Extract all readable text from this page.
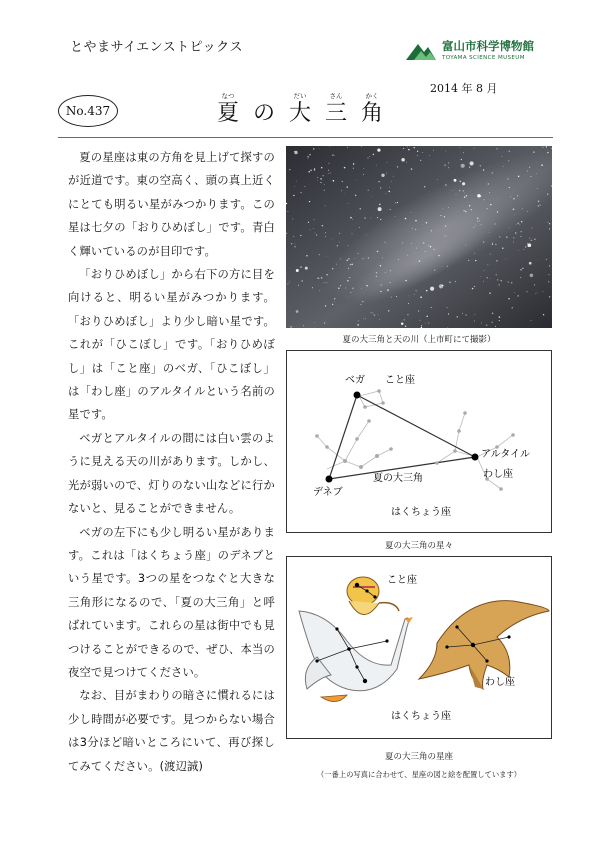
とやまサイエンストピックス	富山市科学博物館
TOYAMA SCIENCE MUSEUM
2014 年 8 月
No.437
なつ
夏 の
だい
大
さん
三
かく
角

夏の星座は東の方角を見上げて探すのが近道です。東の空高く、頭の真上近くにとても明るい星がみつかります。この星は七夕の「おりひめぼし」です。青白く輝いているのが目印です。

「おりひめぼし」から右下の方に目を向けると、明るい星がみつかります。「おりひめぼし」より少し暗い星です。これが「ひこぼし」です。「おりひめぼし」は「こと座」のベガ、「ひこぼし」は「わし座」のアルタイルという名前の星です。

ベガとアルタイルの間には白い雲のように見える天の川があります。しかし、光が弱いので、灯りのない山などに行かないと、見ることができません。

ベガの左下にも少し明るい星があります。これは「はくちょう座」のデネブという星です。3つの星をつなぐと大きな三角形になるので、「夏の大三角」と呼ばれています。これらの星は街中でも見つけることができるので、ぜひ、本当の夜空で見つけてください。

なお、目がまわりの暗さに慣れるには少し時間が必要です。見つからない場合は3分ほど暗いところにいて、再び探してみてください。(渡辺誠)

夏の大三角と天の川（上市町にて撮影）
ベガ こと座
アルタイル
わし座
デネブ
夏の大三角
はくちょう座
夏の大三角の星々
こと座
わし座
はくちょう座
夏の大三角の星座
（一番上の写真に合わせて、星座の図と絵を配置しています）
